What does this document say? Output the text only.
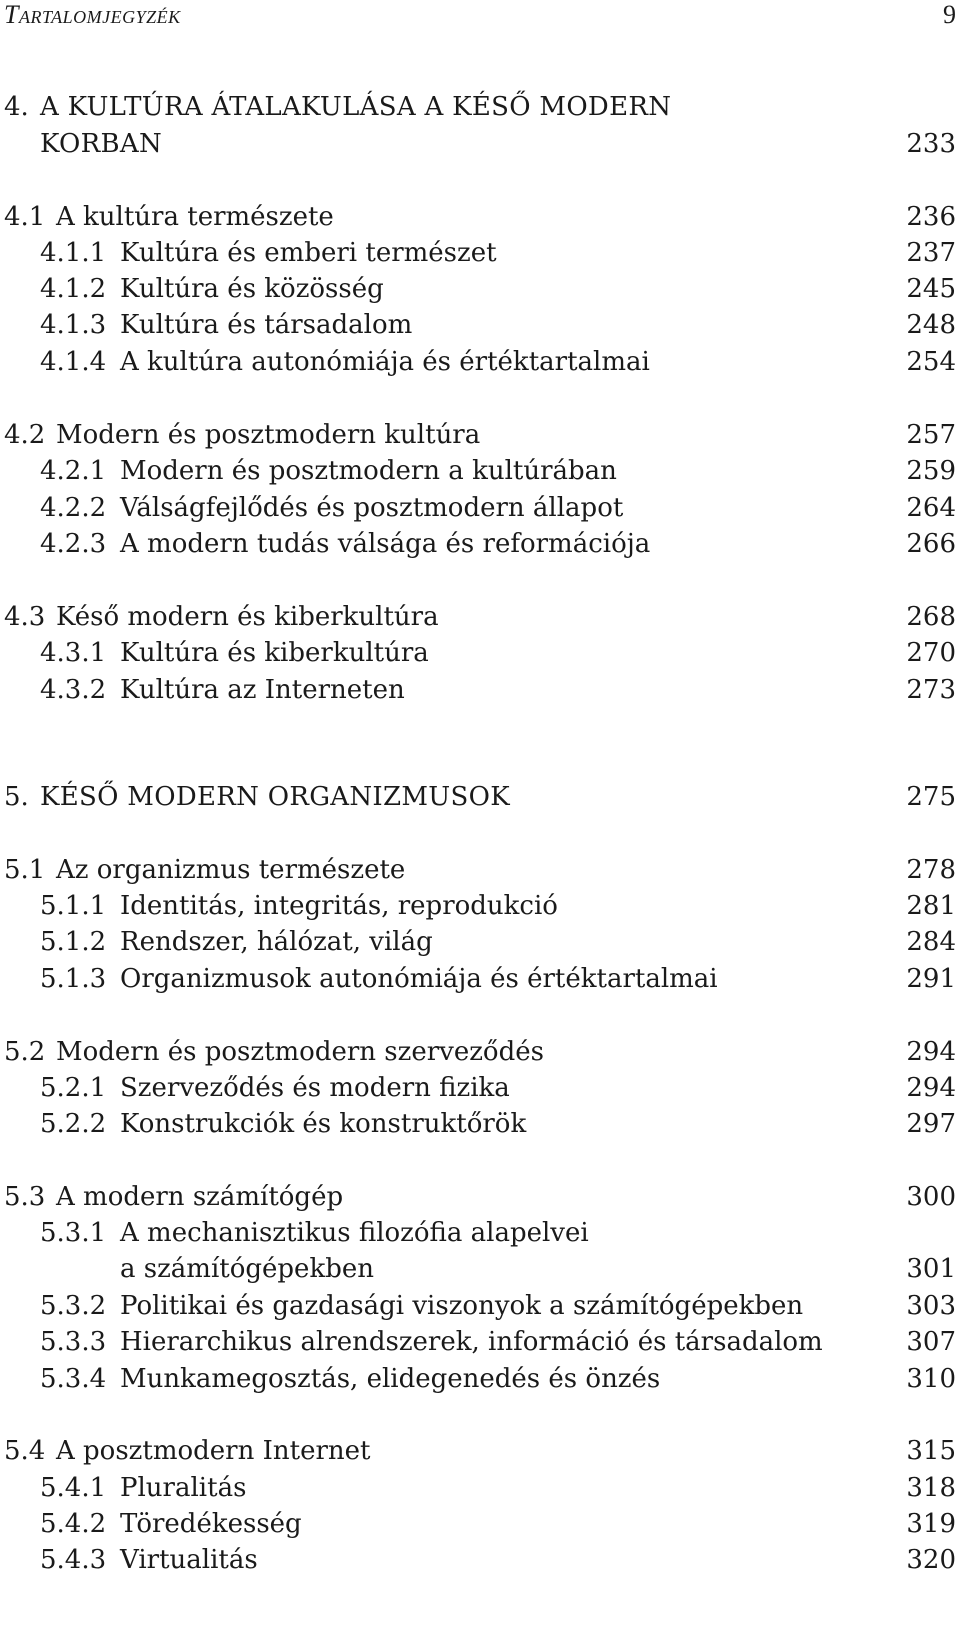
Tartalomjegyzék	9
4. A KULTÚRA ÁTALAKULÁSA A KÉSŐ MODERN
KORBAN	233
4.1 A kultúra természete	236
4.1.1 Kultúra és emberi természet	237
4.1.2 Kultúra és közösség	245
4.1.3 Kultúra és társadalom	248
4.1.4 A kultúra autonómiája és értéktartalmai	254
4.2 Modern és posztmodern kultúra	257
4.2.1 Modern és posztmodern a kultúrában	259
4.2.2 Válságfejlődés és posztmodern állapot	264
4.2.3 A modern tudás válsága és reformációja	266
4.3 Késő modern és kiberkultúra	268
4.3.1 Kultúra és kiberkultúra	270
4.3.2 Kultúra az Interneten	273
5. KÉSŐ MODERN ORGANIZMUSOK	275
5.1 Az organizmus természete	278
5.1.1 Identitás, integritás, reprodukció	281
5.1.2 Rendszer, hálózat, világ	284
5.1.3 Organizmusok autonómiája és értéktartalmai	291
5.2 Modern és posztmodern szerveződés	294
5.2.1 Szerveződés és modern fizika	294
5.2.2 Konstrukciók és konstruktőrök	297
5.3 A modern számítógép	300
5.3.1 A mechanisztikus filozófia alapelvei
a számítógépekben	301
5.3.2 Politikai és gazdasági viszonyok a számítógépekben	303
5.3.3 Hierarchikus alrendszerek, információ és társadalom	307
5.3.4 Munkamegosztás, elidegenedés és önzés	310
5.4 A posztmodern Internet	315
5.4.1 Pluralitás	318
5.4.2 Töredékesség	319
5.4.3 Virtualitás	320
